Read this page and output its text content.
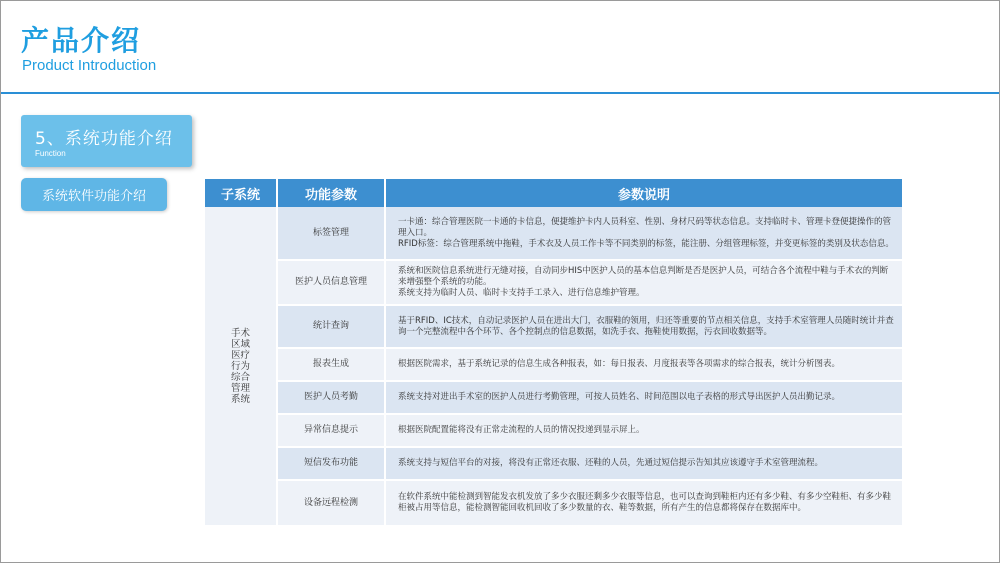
产品介绍
Product Introduction
5、系统功能介绍
Function
系统软件功能介绍	子系统	功能参数	参数说明
手术区域医疗行为综合管理系统	标签管理	一卡通：综合管理医院一卡通的卡信息，便捷维护卡内人员科室、性别、身材尺码等状态信息。支持临时卡、管理卡登便捷操作的管理入口。
RFID标签：综合管理系统中拖鞋，手术衣及人员工作卡等不同类别的标签，能注册、分组管理标签，并变更标签的类别及状态信息。

	医护人员信息管理	系统和医院信息系统进行无缝对接，自动同步HIS中医护人员的基本信息判断是否是医护人员，可结合各个流程中鞋与手术衣的判断来增强整个系统的功能。
系统支持为临时人员、临时卡支持手工录入、进行信息维护管理。

	统计查询	基于RFID、IC技术，自动记录医护人员在进出大门，衣服鞋的领用，归还等重要的节点相关信息，支持手术室管理人员随时统计并查询一个完整流程中各个环节、各个控制点的信息数据，如洗手衣、拖鞋使用数据，污衣回收数据等。

	报表生成	根据医院需求，基于系统记录的信息生成各种报表，如：每日报表、月度报表等各项需求的综合报表，统计分析图表。

	医护人员考勤	系统支持对进出手术室的医护人员进行考勤管理，可按人员姓名、时间范围以电子表格的形式导出医护人员出勤记录。

	异常信息提示	根据医院配置能将没有正常走流程的人员的情况投递到显示屏上。

	短信发布功能	系统支持与短信平台的对接，将没有正常还衣服、还鞋的人员，先通过短信提示告知其应该遵守手术室管理流程。

	设备远程检测	在软件系统中能检测到智能发衣机发放了多少衣服还剩多少衣服等信息，也可以查询到鞋柜内还有多少鞋、有多少空鞋柜、有多少鞋柜被占用等信息，能检测智能回收机回收了多少数量的衣、鞋等数据，所有产生的信息都将保存在数据库中。
